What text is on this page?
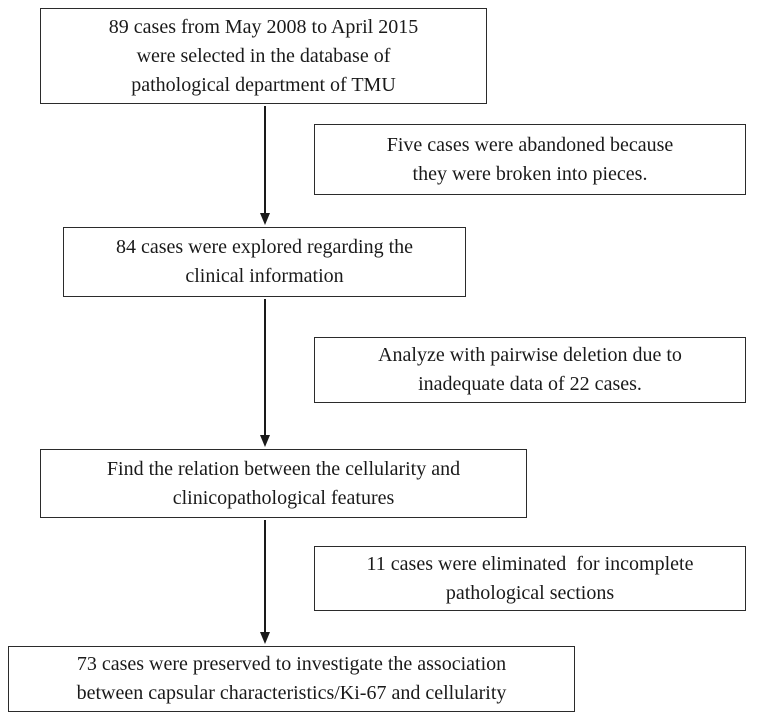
89 cases from May 2008 to April 2015
were selected in the database of
pathological department of TMU
Five cases were abandoned because
they were broken into pieces.
84 cases were explored regarding the
clinical information
Analyze with pairwise deletion due to
inadequate data of 22 cases.
Find the relation between the cellularity and
clinicopathological features
11 cases were eliminated  for incomplete
pathological sections
73 cases were preserved to investigate the association
between capsular characteristics/Ki-67 and cellularity
